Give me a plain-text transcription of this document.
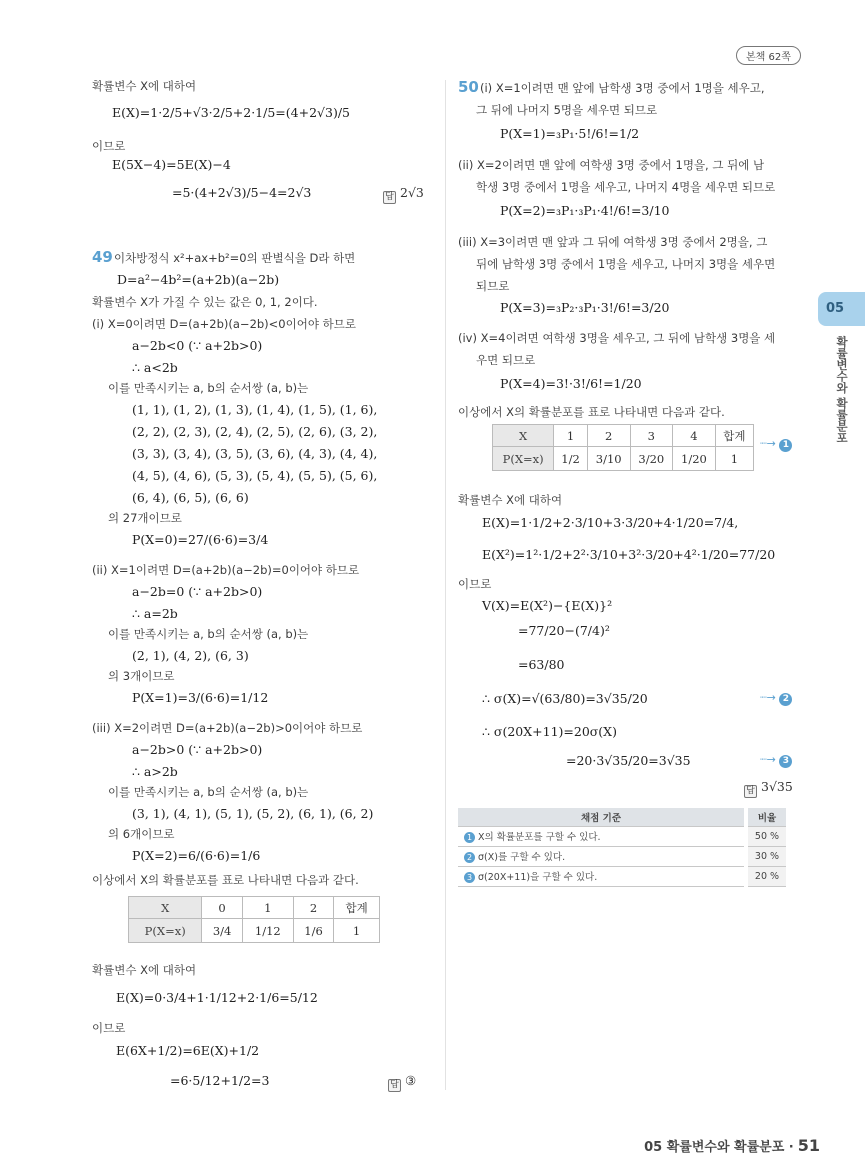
본책 62쪽
05
확률변수와 확률분포
확률변수 X에 대하여
E(X)=1·2/5+√3·2/5+2·1/5=(4+2√3)/5
이므로
E(5X−4)=5E(X)−4
=5·(4+2√3)/5−4=2√3	답 2√3
49 이차방정식 x²+ax+b²=0의 판별식을 D라 하면
D=a²−4b²=(a+2b)(a−2b)
확률변수 X가 가질 수 있는 값은 0, 1, 2이다.
(i) X=0이려면 D=(a+2b)(a−2b)<0이어야 하므로
a−2b<0 (∵ a+2b>0)
∴ a<2b
이를 만족시키는 a, b의 순서쌍 (a, b)는
(1, 1), (1, 2), (1, 3), (1, 4), (1, 5), (1, 6),
(2, 2), (2, 3), (2, 4), (2, 5), (2, 6), (3, 2),
(3, 3), (3, 4), (3, 5), (3, 6), (4, 3), (4, 4),
(4, 5), (4, 6), (5, 3), (5, 4), (5, 5), (5, 6),
(6, 4), (6, 5), (6, 6)
의 27개이므로
P(X=0)=27/(6·6)=3/4
(ii) X=1이려면 D=(a+2b)(a−2b)=0이어야 하므로
a−2b=0 (∵ a+2b>0)
∴ a=2b
이를 만족시키는 a, b의 순서쌍 (a, b)는
(2, 1), (4, 2), (6, 3)
의 3개이므로
P(X=1)=3/(6·6)=1/12
(iii) X=2이려면 D=(a+2b)(a−2b)>0이어야 하므로
a−2b>0 (∵ a+2b>0)
∴ a>2b
이를 만족시키는 a, b의 순서쌍 (a, b)는
(3, 1), (4, 1), (5, 1), (5, 2), (6, 1), (6, 2)
의 6개이므로
P(X=2)=6/(6·6)=1/6
이상에서 X의 확률분포를 표로 나타내면 다음과 같다.
확률변수 X에 대하여
E(X)=0·3/4+1·1/12+2·1/6=5/12
이므로
E(6X+1/2)=6E(X)+1/2
=6·5/12+1/2=3
X	0	1	2	합계
P(X=x)	3/4	1/12	1/6	1
답 ③
50 (i) X=1이려면 맨 앞에 남학생 3명 중에서 1명을 세우고,
그 뒤에 나머지 5명을 세우면 되므로
P(X=1)=₃P₁·5!/6!=1/2
(ii) X=2이려면 맨 앞에 여학생 3명 중에서 1명을, 그 뒤에 남
학생 3명 중에서 1명을 세우고, 나머지 4명을 세우면 되므로
P(X=2)=₃P₁·₃P₁·4!/6!=3/10
(iii) X=3이려면 맨 앞과 그 뒤에 여학생 3명 중에서 2명을, 그
뒤에 남학생 3명 중에서 1명을 세우고, 나머지 3명을 세우면
되므로
P(X=3)=₃P₂·₃P₁·3!/6!=3/20
(iv) X=4이려면 여학생 3명을 세우고, 그 뒤에 남학생 3명을 세
우면 되므로
P(X=4)=3!·3!/6!=1/20
이상에서 X의 확률분포를 표로 나타내면 다음과 같다.
확률변수 X에 대하여
E(X)=1·1/2+2·3/10+3·3/20+4·1/20=7/4,
E(X²)=1²·1/2+2²·3/10+3²·3/20+4²·1/20=77/20
이므로
V(X)=E(X²)−{E(X)}²
=77/20−(7/4)²
=63/80
∴ σ(X)=√(63/80)=3√35/20
∴ σ(20X+11)=20σ(X)
=20·3√35/20=3√35
X	1	2	3	4	합계
P(X=x)	1/2	3/10	3/20	1/20	1
┈→ 1
┈→ 2
┈→ 3
답 3√35
채점 기준	비율
1 X의 확률분포를 구할 수 있다.	50 %
2 σ(X)를 구할 수 있다.	30 %
3 σ(20X+11)을 구할 수 있다.	20 %
05 확률변수와 확률분포 · 51
